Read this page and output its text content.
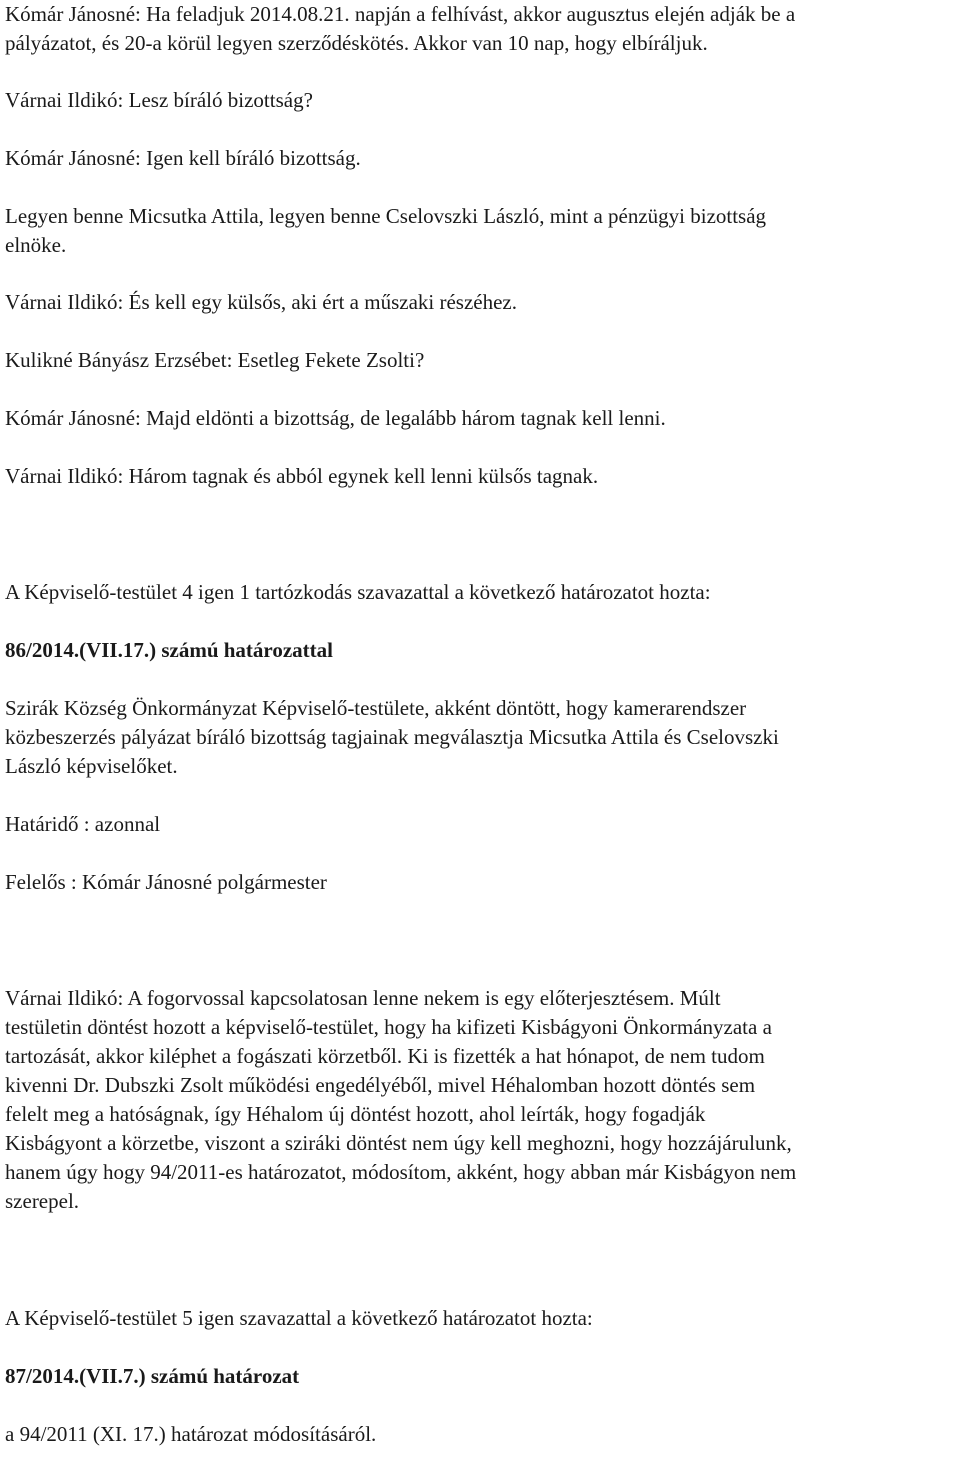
Kómár Jánosné: Ha feladjuk 2014.08.21. napján a felhívást, akkor augusztus elején adják be a
pályázatot, és 20-a körül legyen szerződéskötés. Akkor van 10 nap, hogy elbíráljuk.

Várnai Ildikó: Lesz bíráló bizottság?

Kómár Jánosné: Igen kell bíráló bizottság.

Legyen benne Micsutka Attila, legyen benne Cselovszki László, mint a pénzügyi bizottság
elnöke.

Várnai Ildikó: És kell egy külsős, aki ért a műszaki részéhez.

Kulikné Bányász Erzsébet: Esetleg Fekete Zsolti?

Kómár Jánosné: Majd eldönti a bizottság, de legalább három tagnak kell lenni.

Várnai Ildikó: Három tagnak és abból egynek kell lenni külsős tagnak.

A Képviselő-testület 4 igen 1 tartózkodás szavazattal a következő határozatot hozta:

86/2014.(VII.17.) számú határozattal

Szirák Község Önkormányzat Képviselő-testülete, akként döntött, hogy kamerarendszer
közbeszerzés pályázat bíráló bizottság tagjainak megválasztja Micsutka Attila és Cselovszki
László képviselőket.

Határidő : azonnal

Felelős : Kómár Jánosné polgármester

Várnai Ildikó: A fogorvossal kapcsolatosan lenne nekem is egy előterjesztésem. Múlt
testületin döntést hozott a képviselő-testület, hogy ha kifizeti Kisbágyoni Önkormányzata a
tartozását, akkor kiléphet a fogászati körzetből. Ki is fizették a hat hónapot, de nem tudom
kivenni Dr. Dubszki Zsolt működési engedélyéből, mivel Héhalomban hozott döntés sem
felelt meg a hatóságnak, így Héhalom új döntést hozott, ahol leírták, hogy fogadják
Kisbágyont a körzetbe, viszont a sziráki döntést nem úgy kell meghozni, hogy hozzájárulunk,
hanem úgy hogy 94/2011-es határozatot, módosítom, akként, hogy abban már Kisbágyon nem
szerepel.

A Képviselő-testület 5 igen szavazattal a következő határozatot hozta:

87/2014.(VII.7.) számú határozat

a 94/2011 (XI. 17.) határozat módosításáról.
